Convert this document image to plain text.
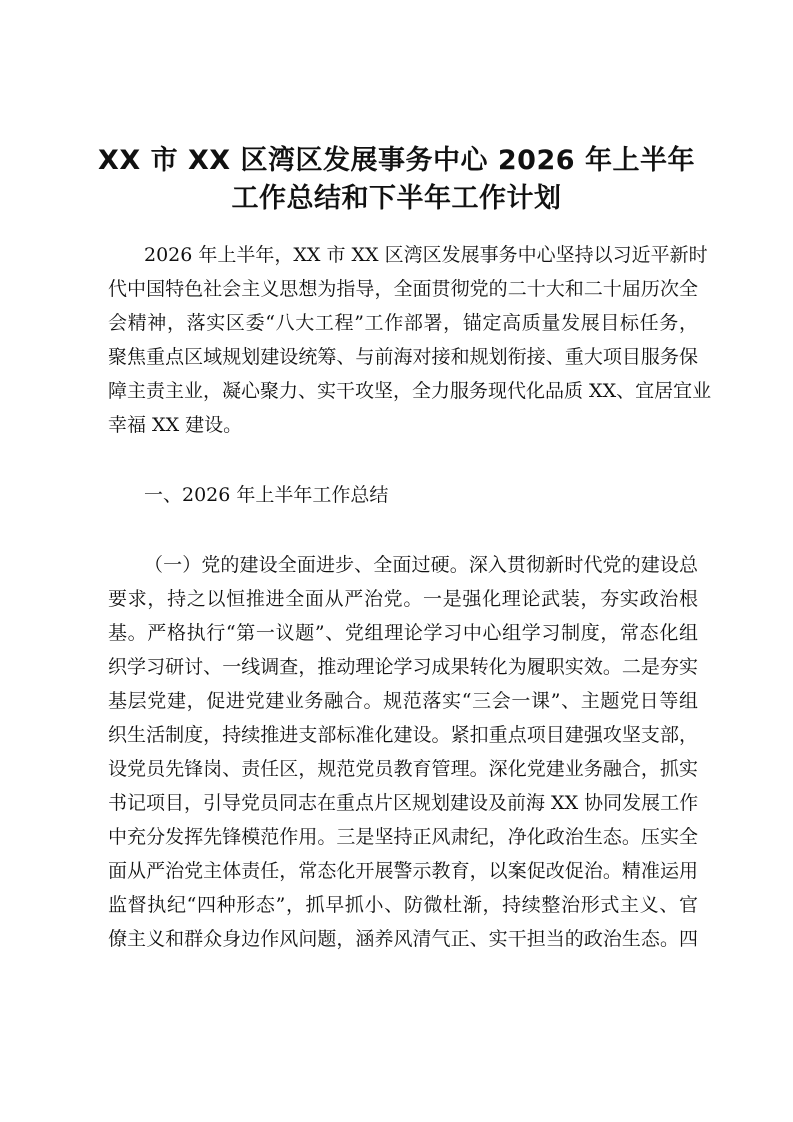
XX 市 XX 区湾区发展事务中心 2026 年上半年
工作总结和下半年工作计划
2026 年上半年，XX 市 XX 区湾区发展事务中心坚持以习近平新时
代中国特色社会主义思想为指导，全面贯彻党的二十大和二十届历次全
会精神，落实区委“八大工程”工作部署，锚定高质量发展目标任务，
聚焦重点区域规划建设统筹、与前海对接和规划衔接、重大项目服务保
障主责主业，凝心聚力、实干攻坚，全力服务现代化品质 XX、宜居宜业
幸福 XX 建设。
一、2026 年上半年工作总结
（一）党的建设全面进步、全面过硬。深入贯彻新时代党的建设总
要求，持之以恒推进全面从严治党。一是强化理论武装，夯实政治根
基。严格执行“第一议题”、党组理论学习中心组学习制度，常态化组
织学习研讨、一线调查，推动理论学习成果转化为履职实效。二是夯实
基层党建，促进党建业务融合。规范落实“三会一课”、主题党日等组
织生活制度，持续推进支部标准化建设。紧扣重点项目建强攻坚支部，
设党员先锋岗、责任区，规范党员教育管理。深化党建业务融合，抓实
书记项目，引导党员同志在重点片区规划建设及前海 XX 协同发展工作
中充分发挥先锋模范作用。三是坚持正风肃纪，净化政治生态。压实全
面从严治党主体责任，常态化开展警示教育，以案促改促治。精准运用
监督执纪“四种形态”，抓早抓小、防微杜渐，持续整治形式主义、官
僚主义和群众身边作风问题，涵养风清气正、实干担当的政治生态。四
